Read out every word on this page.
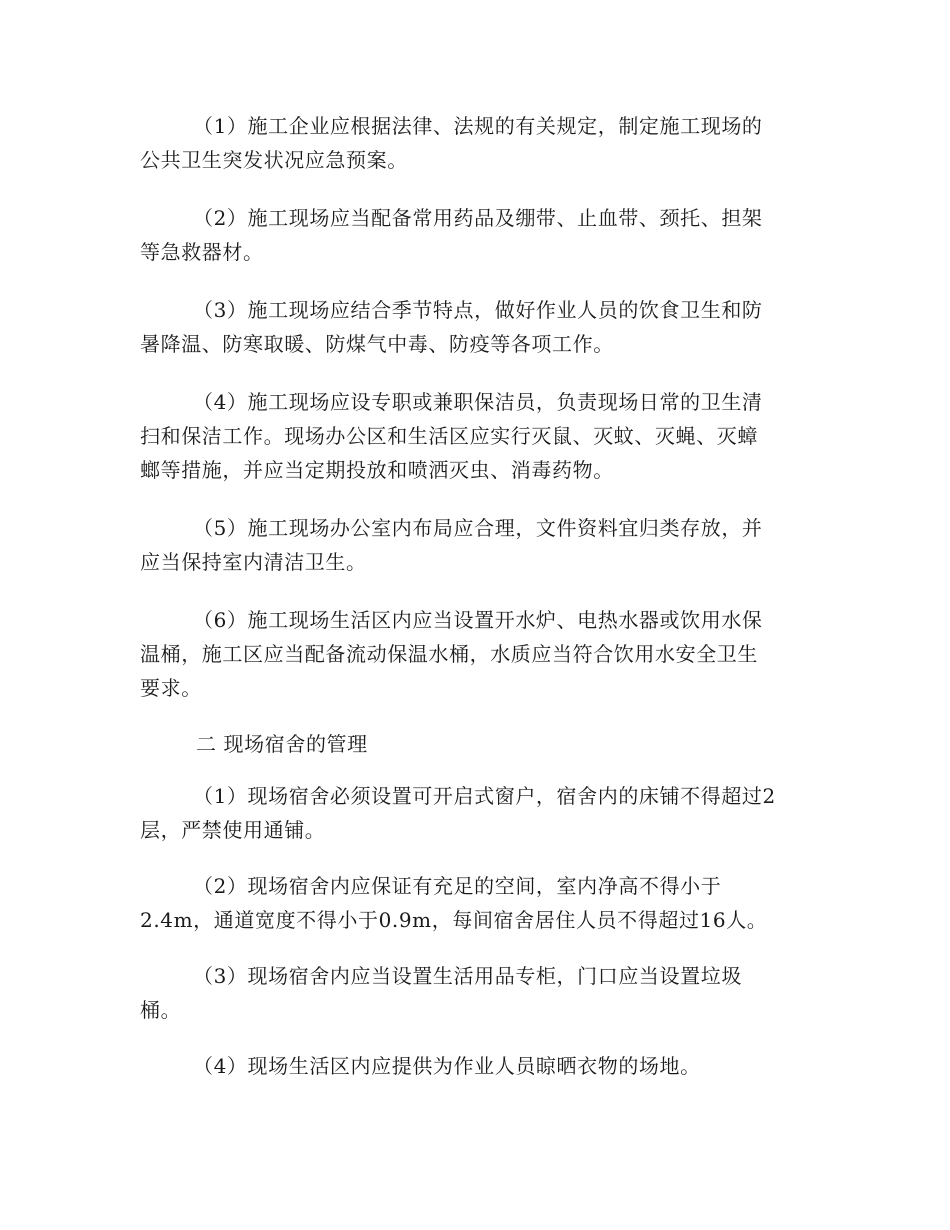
（1）施工企业应根据法律、法规的有关规定，制定施工现场的
公共卫生突发状况应急预案。
（2）施工现场应当配备常用药品及绷带、止血带、颈托、担架
等急救器材。
（3）施工现场应结合季节特点，做好作业人员的饮食卫生和防
暑降温、防寒取暖、防煤气中毒、防疫等各项工作。
（4）施工现场应设专职或兼职保洁员，负责现场日常的卫生清
扫和保洁工作。现场办公区和生活区应实行灭鼠、灭蚊、灭蝇、灭蟑
螂等措施，并应当定期投放和喷洒灭虫、消毒药物。
（5）施工现场办公室内布局应合理，文件资料宜归类存放，并
应当保持室内清洁卫生。
（6）施工现场生活区内应当设置开水炉、电热水器或饮用水保
温桶，施工区应当配备流动保温水桶，水质应当符合饮用水安全卫生
要求。
二 现场宿舍的管理
（1）现场宿舍必须设置可开启式窗户，宿舍内的床铺不得超过2
层，严禁使用通铺。
（2）现场宿舍内应保证有充足的空间，室内净高不得小于
2.4m，通道宽度不得小于0.9m，每间宿舍居住人员不得超过16人。
（3）现场宿舍内应当设置生活用品专柜，门口应当设置垃圾
桶。
（4）现场生活区内应提供为作业人员晾晒衣物的场地。
